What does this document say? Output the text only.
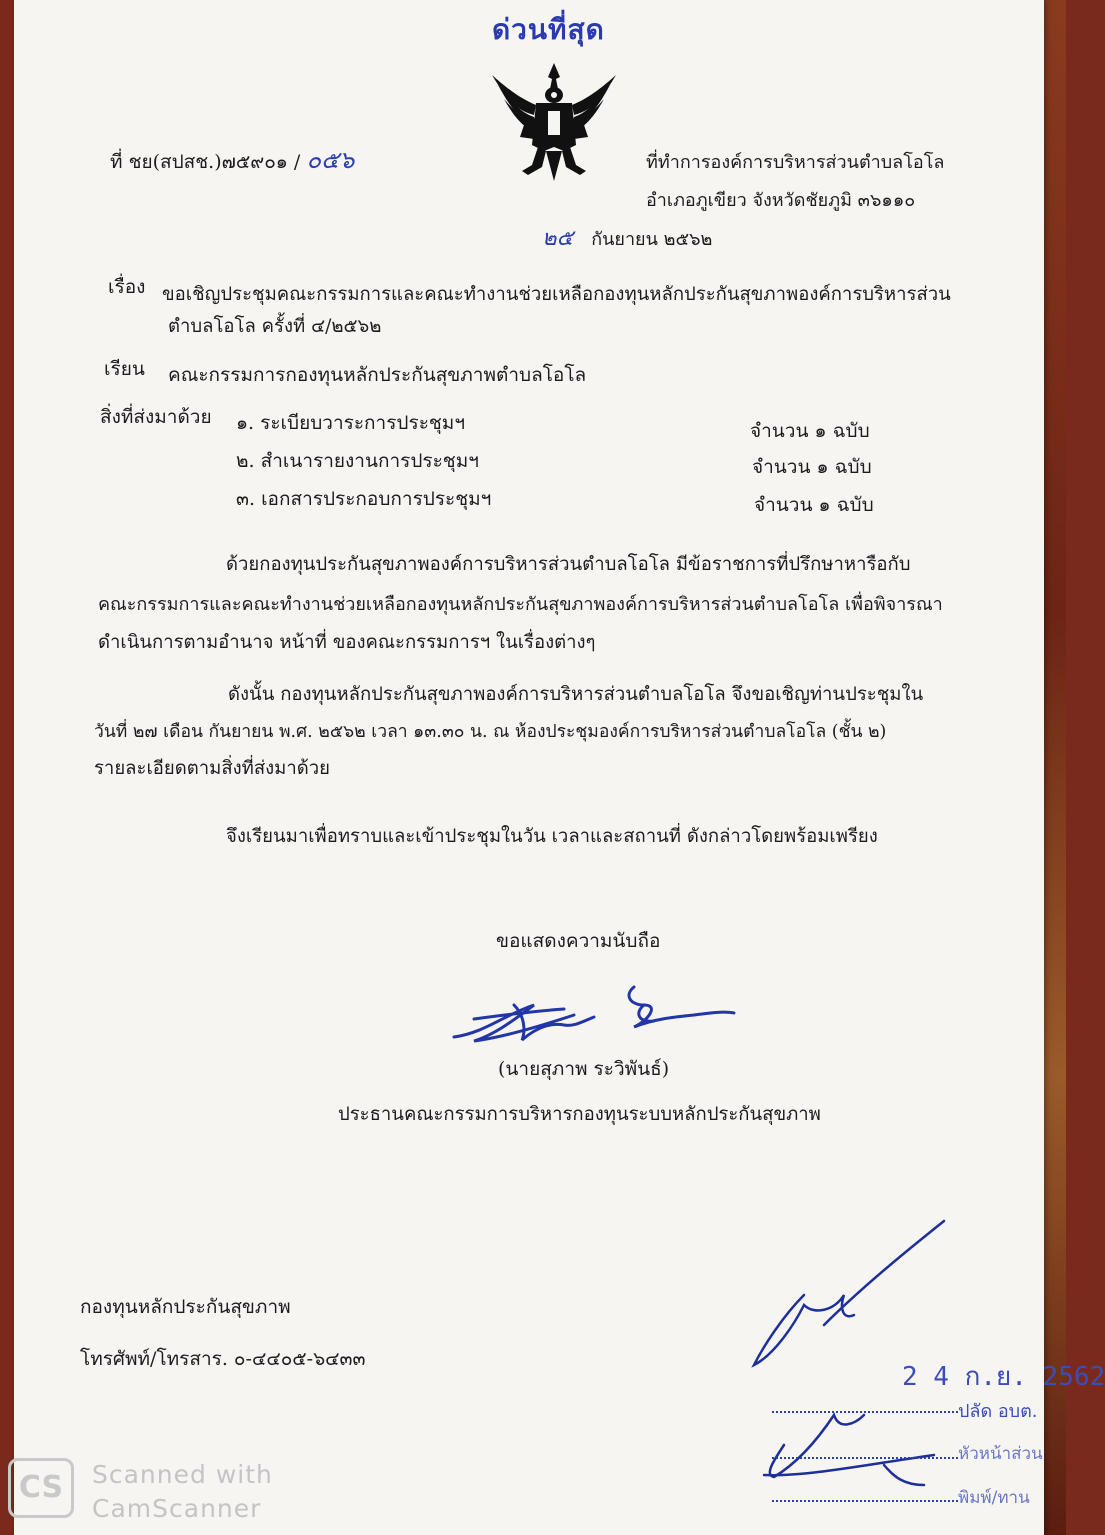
ด่วนที่สุด
ที่ ชย(สปสช.)๗๕๙๐๑ / ๐๕๖	ที่ทำการองค์การบริหารส่วนตำบลโอโล
อำเภอภูเขียว จังหวัดชัยภูมิ ๓๖๑๑๐
๒๕ กันยายน ๒๕๖๒
เรื่อง ขอเชิญประชุมคณะกรรมการและคณะทำงานช่วยเหลือกองทุนหลักประกันสุขภาพองค์การบริหารส่วน
ตำบลโอโล ครั้งที่ ๔/๒๕๖๒
เรียน คณะกรรมการกองทุนหลักประกันสุขภาพตำบลโอโล
สิ่งที่ส่งมาด้วย ๑. ระเบียบวาระการประชุมฯ	จำนวน ๑ ฉบับ
๒. สำเนารายงานการประชุมฯ	จำนวน ๑ ฉบับ
๓. เอกสารประกอบการประชุมฯ	จำนวน ๑ ฉบับ
ด้วยกองทุนประกันสุขภาพองค์การบริหารส่วนตำบลโอโล มีข้อราชการที่ปรึกษาหารือกับ
คณะกรรมการและคณะทำงานช่วยเหลือกองทุนหลักประกันสุขภาพองค์การบริหารส่วนตำบลโอโล เพื่อพิจารณา
ดำเนินการตามอำนาจ หน้าที่ ของคณะกรรมการฯ ในเรื่องต่างๆ
ดังนั้น กองทุนหลักประกันสุขภาพองค์การบริหารส่วนตำบลโอโล จึงขอเชิญท่านประชุมใน
วันที่ ๒๗ เดือน กันยายน พ.ศ. ๒๕๖๒ เวลา ๑๓.๓๐ น. ณ ห้องประชุมองค์การบริหารส่วนตำบลโอโล (ชั้น ๒)
รายละเอียดตามสิ่งที่ส่งมาด้วย
จึงเรียนมาเพื่อทราบและเข้าประชุมในวัน เวลาและสถานที่ ดังกล่าวโดยพร้อมเพรียง
ขอแสดงความนับถือ
(นายสุภาพ ระวิพันธ์)
ประธานคณะกรรมการบริหารกองทุนระบบหลักประกันสุขภาพ
กองทุนหลักประกันสุขภาพ
โทรศัพท์/โทรสาร. ๐-๔๔๐๕-๖๔๓๓
2 4 ก.ย. 2562
ปลัด อบต.
หัวหน้าส่วน
พิมพ์/ทาน
CS	Scanned with
CamScanner
